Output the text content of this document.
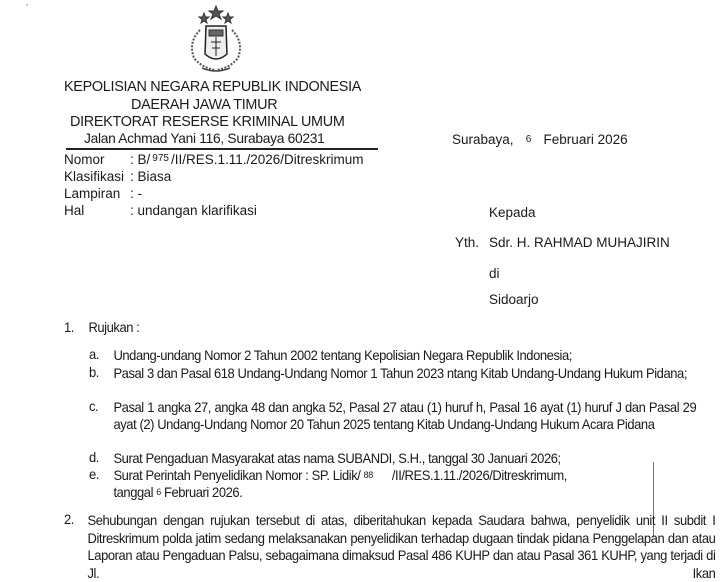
•
KEPOLISIAN NEGARA REPUBLIK INDONESIA
DAERAH JAWA TIMUR
DIREKTORAT RESERSE KRIMINAL UMUM
Jalan Achmad Yani 116, Surabaya 60231	Surabaya, 6 Februari 2026
Nomor : B/ $^{975}$ /II/RES.1.11./2026/Ditreskrimum
Klasifikasi : Biasa
Lampiran : -
Hal	: undangan klarifikasi	Kepada
Yth. Sdr. H. RAHMAD MUHAJIRIN
di
Sidoarjo
1. Rujukan :
a. Undang-undang Nomor 2 Tahun 2002 tentang Kepolisian Negara Republik Indonesia;
b. Pasal 3 dan Pasal 618 Undang-Undang Nomor 1 Tahun 2023 ntang Kitab Undang-Undang Hukum Pidana;
c. Pasal 1 angka 27, angka 48 dan angka 52, Pasal 27 atau (1) huruf h, Pasal 16 ayat (1) huruf J dan Pasal 29 ayat (2) Undang-Undang Nomor 20 Tahun 2025 tentang Kitab Undang-Undang Hukum Acara Pidana
d. Surat Pengaduan Masyarakat atas nama SUBANDI, S.H., tanggal 30 Januari 2026;
e. Surat Perintah Penyelidikan Nomor : SP. Lidik/ 88 /II/RES.1.11./2026/Ditreskrimum,
tanggal 6 Februari 2026.
2. Sehubungan dengan rujukan tersebut di atas, diberitahukan kepada Saudara bahwa, penyelidik unit II subdit I Ditreskrimum polda jatim sedang melaksanakan penyelidikan terhadap dugaan tindak pidana Penggelapan dan atau Laporan atau Pengaduan Palsu, sebagaimana dimaksud Pasal 486 KUHP dan atau Pasal 361 KUHP, yang terjadi di Jl. Ikan
